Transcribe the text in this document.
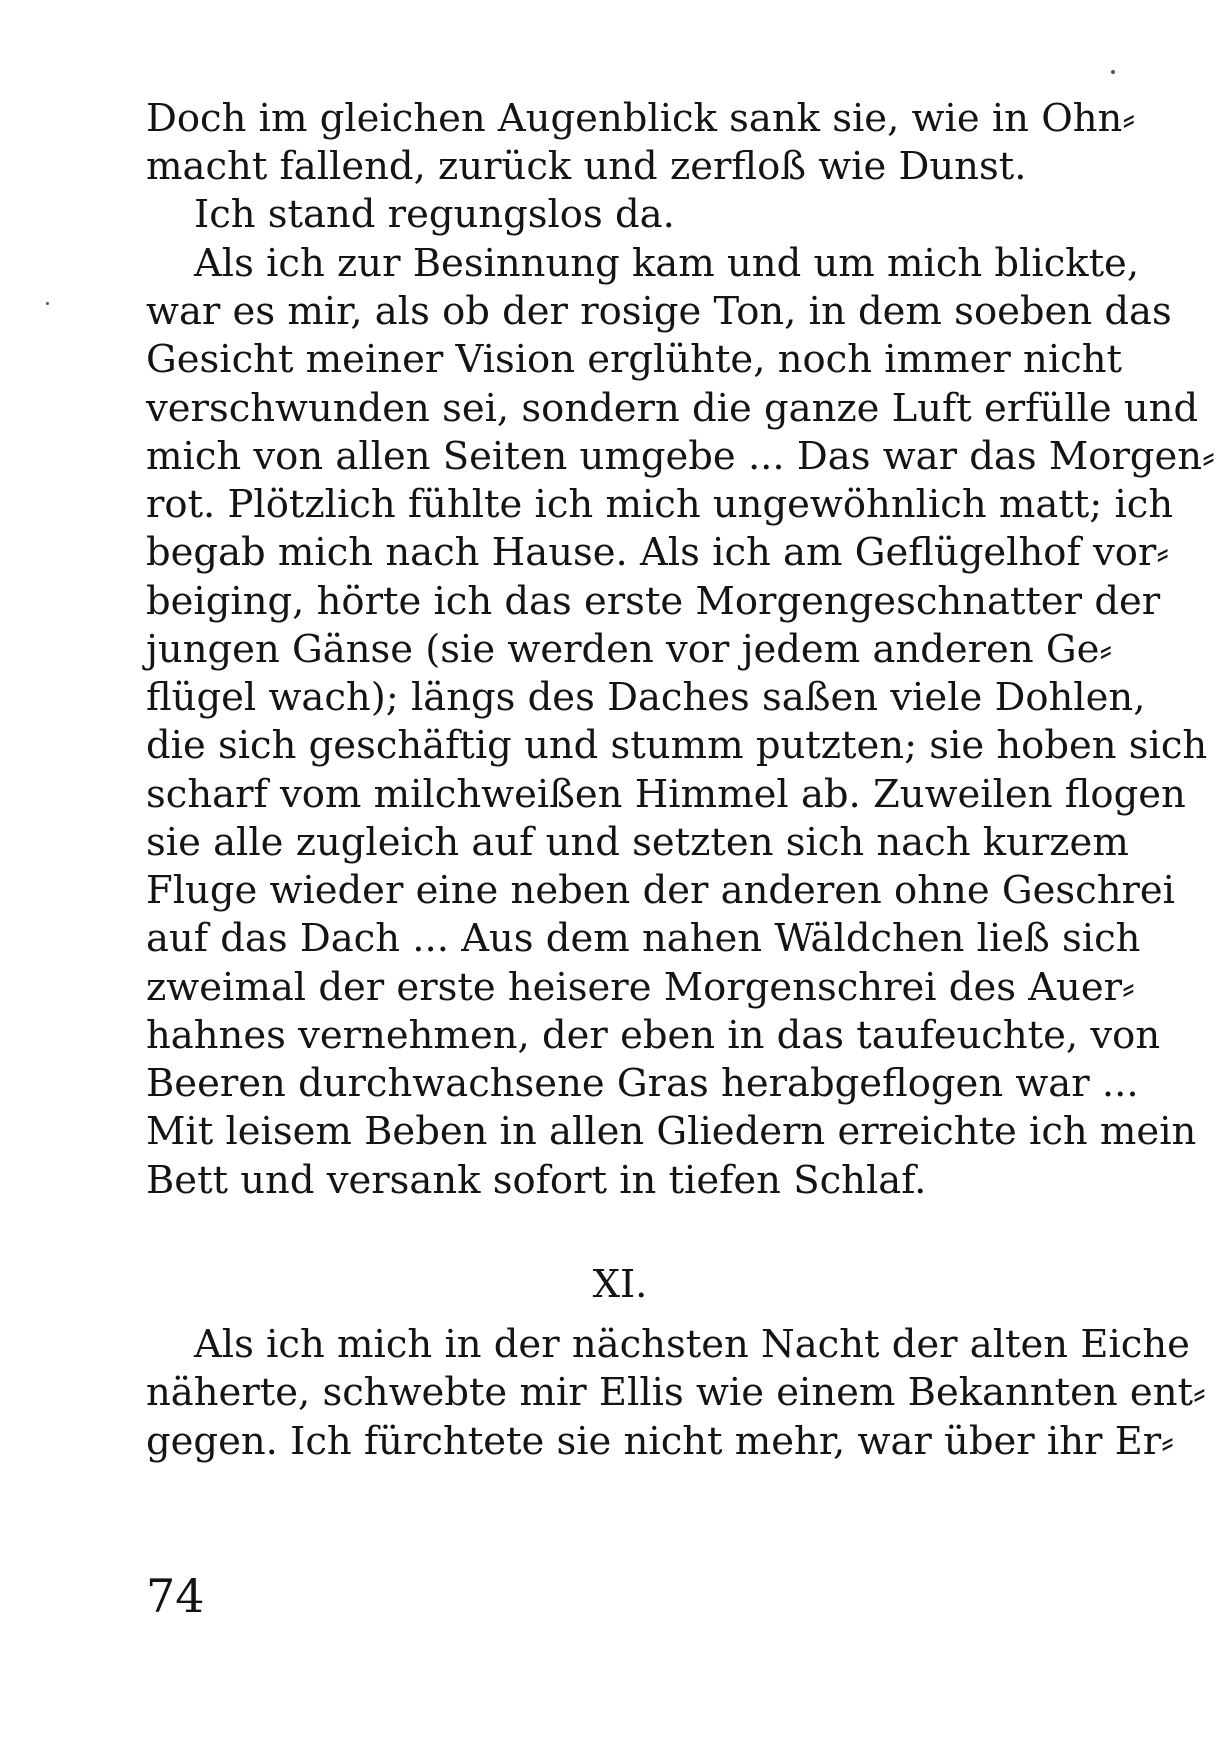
Doch im gleichen Augenblick sank sie, wie in Ohn⸗
macht fallend, zurück und zerfloß wie Dunst.
Ich stand regungslos da.
Als ich zur Besinnung kam und um mich blickte,
war es mir, als ob der rosige Ton, in dem soeben das
Gesicht meiner Vision erglühte, noch immer nicht
verschwunden sei, sondern die ganze Luft erfülle und
mich von allen Seiten umgebe ... Das war das Morgen⸗
rot. Plötzlich fühlte ich mich ungewöhnlich matt; ich
begab mich nach Hause. Als ich am Geflügelhof vor⸗
beiging, hörte ich das erste Morgengeschnatter der
jungen Gänse (sie werden vor jedem anderen Ge⸗
flügel wach); längs des Daches saßen viele Dohlen,
die sich geschäftig und stumm putzten; sie hoben sich
scharf vom milchweißen Himmel ab. Zuweilen flogen
sie alle zugleich auf und setzten sich nach kurzem
Fluge wieder eine neben der anderen ohne Geschrei
auf das Dach ... Aus dem nahen Wäldchen ließ sich
zweimal der erste heisere Morgenschrei des Auer⸗
hahnes vernehmen, der eben in das taufeuchte, von
Beeren durchwachsene Gras herabgeflogen war ...
Mit leisem Beben in allen Gliedern erreichte ich mein
Bett und versank sofort in tiefen Schlaf.
XI.
Als ich mich in der nächsten Nacht der alten Eiche
näherte, schwebte mir Ellis wie einem Bekannten ent⸗
gegen. Ich fürchtete sie nicht mehr, war über ihr Er⸗
74
